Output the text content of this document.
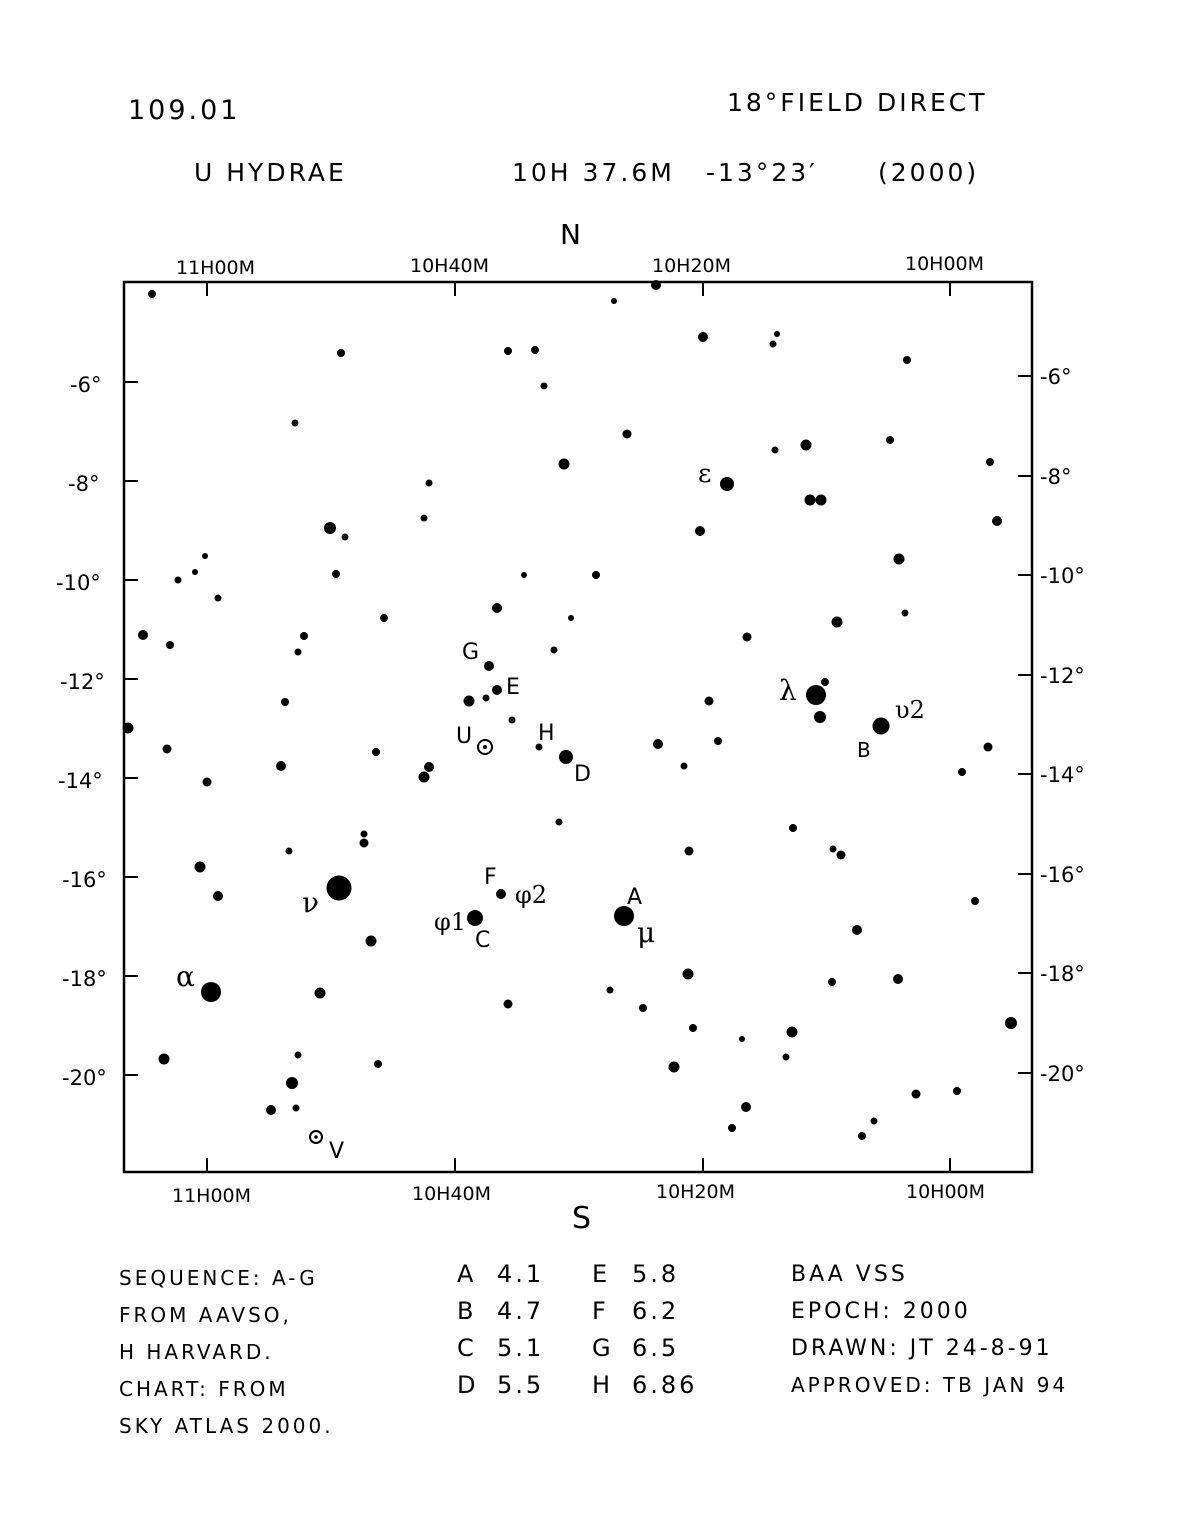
109.01	18°FIELD DIRECT
U HYDRAE	10H 37.6M -13°23′ (2000)
N
S
11H00M	10H40M	10H20M	10H00M
11H00M	10H40M	10H20M	10H00M
-6°
-8°
-10°
-12°
-14°
-16°
-18°
-20°
-6°
-8°
-10°
-12°
-14°
-16°
-18°
-20°
U
V
ε
λ
υ2
ν
φ1
φ2
μ
α
A
B
C
D
E
F
G
H
SEQUENCE: A-G
FROM AAVSO,
H HARVARD.
CHART: FROM
SKY ATLAS 2000.
A 4.1
B 4.7
C 5.1
D 5.5
E 5.8
F 6.2
G 6.5
H 6.86
BAA VSS
EPOCH: 2000
DRAWN: JT 24-8-91
APPROVED: TB JAN 94
